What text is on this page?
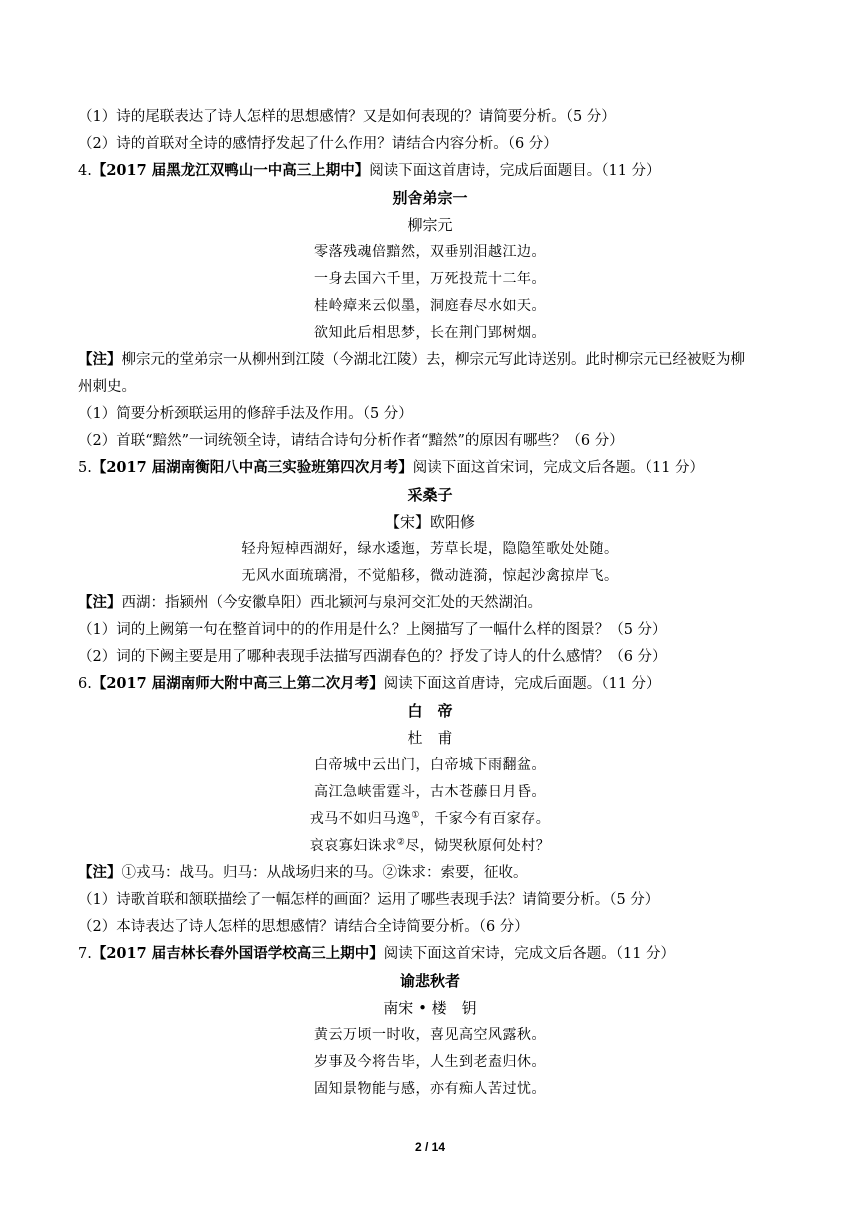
（1）诗的尾联表达了诗人怎样的思想感情？又是如何表现的？请简要分析。（5 分）
（2）诗的首联对全诗的感情抒发起了什么作用？请结合内容分析。（6 分）
4.【2017 届黑龙江双鸭山一中高三上期中】阅读下面这首唐诗，完成后面题目。（11 分）
别舍弟宗一
柳宗元
零落残魂倍黯然，双垂别泪越江边。
一身去国六千里，万死投荒十二年。
桂岭瘴来云似墨，洞庭春尽水如天。
欲知此后相思梦，长在荆门郢树烟。
【注】柳宗元的堂弟宗一从柳州到江陵（今湖北江陵）去，柳宗元写此诗送别。此时柳宗元已经被贬为柳
州刺史。
（1）简要分析颈联运用的修辞手法及作用。（5 分）
（2）首联“黯然”一词统领全诗，请结合诗句分析作者“黯然”的原因有哪些？（6 分）
5.【2017 届湖南衡阳八中高三实验班第四次月考】阅读下面这首宋词，完成文后各题。（11 分）
采桑子
【宋】欧阳修
轻舟短棹西湖好，绿水逶迤，芳草长堤，隐隐笙歌处处随。
无风水面琉璃滑，不觉船移，微动涟漪，惊起沙禽掠岸飞。
【注】西湖：指颍州（今安徽阜阳）西北颍河与泉河交汇处的天然湖泊。
（1）词的上阙第一句在整首词中的的作用是什么？上阕描写了一幅什么样的图景？（5 分）
（2）词的下阙主要是用了哪种表现手法描写西湖春色的？抒发了诗人的什么感情？（6 分）
6.【2017 届湖南师大附中高三上第二次月考】阅读下面这首唐诗，完成后面题。（11 分）
白　帝
杜　甫
白帝城中云出门，白帝城下雨翻盆。
高江急峡雷霆斗，古木苍藤日月昏。
戎马不如归马逸①，千家今有百家存。
哀哀寡妇诛求②尽，恸哭秋原何处村？
【注】①戎马：战马。归马：从战场归来的马。②诛求：索要，征收。
（1）诗歌首联和颔联描绘了一幅怎样的画面？运用了哪些表现手法？请简要分析。（5 分）
（2）本诗表达了诗人怎样的思想感情？请结合全诗简要分析。（6 分）
7.【2017 届吉林长春外国语学校高三上期中】阅读下面这首宋诗，完成文后各题。（11 分）
谕悲秋者
南宋 • 楼　钥
黄云万顷一时收，喜见高空风露秋。
岁事及今将告毕，人生到老盍归休。
固知景物能与感，亦有痴人苦过忧。
2 / 14
